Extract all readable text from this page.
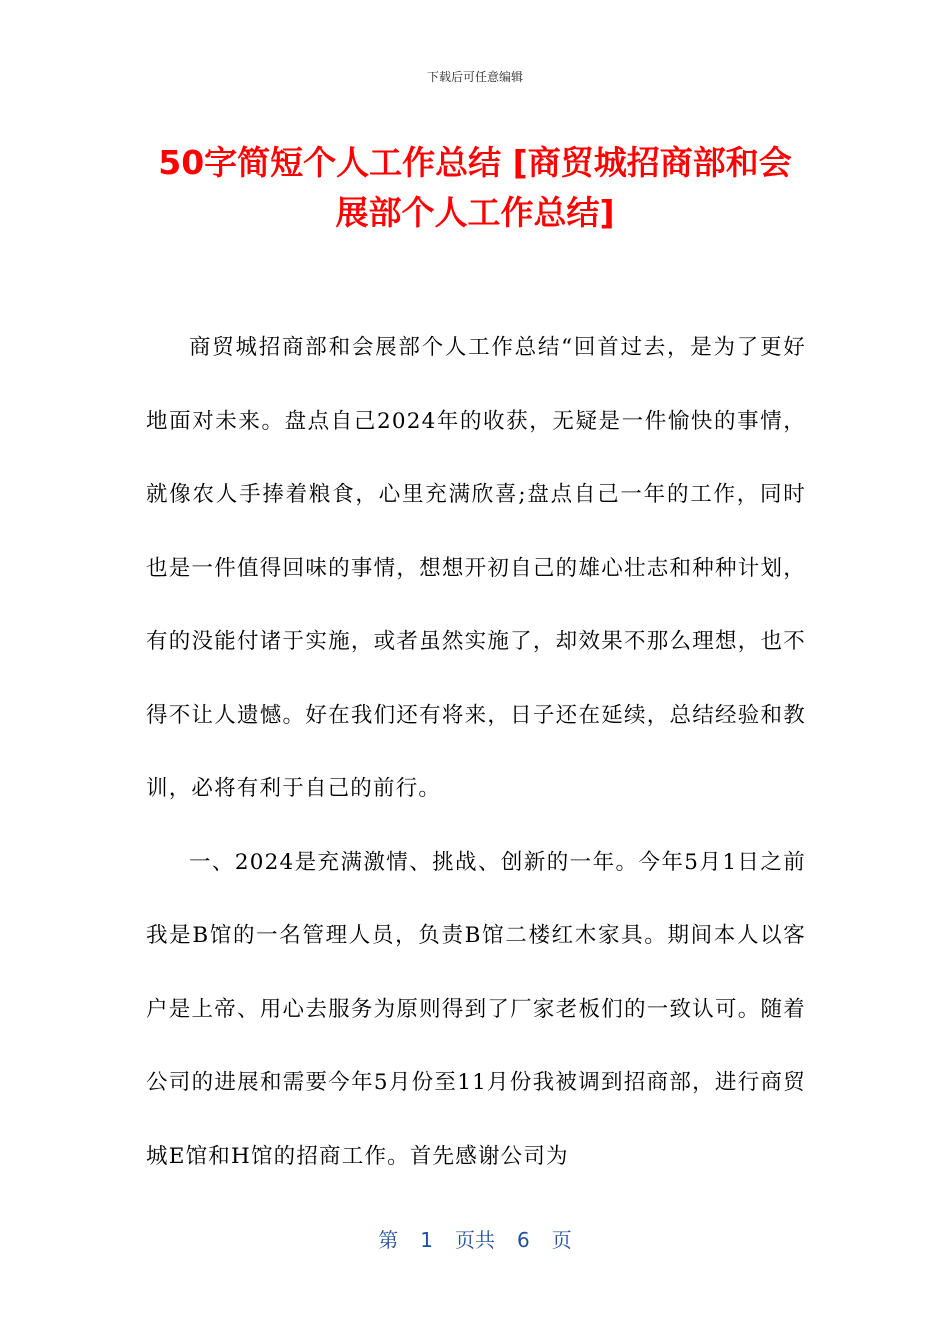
下载后可任意编辑
50字简短个人工作总结 [商贸城招商部和会
展部个人工作总结]

商贸城招商部和会展部个人工作总结“回首过去，是为了更好地面对未来。盘点自己2024年的收获，无疑是一件愉快的事情，就像农人手捧着粮食，心里充满欣喜;盘点自己一年的工作，同时也是一件值得回味的事情，想想开初自己的雄心壮志和种种计划，有的没能付诸于实施，或者虽然实施了，却效果不那么理想，也不得不让人遗憾。好在我们还有将来，日子还在延续，总结经验和教训，必将有利于自己的前行。

一、2024是充满激情、挑战、创新的一年。今年5月1日之前我是B馆的一名管理人员，负责B馆二楼红木家具。期间本人以客户是上帝、用心去服务为原则得到了厂家老板们的一致认可。随着公司的进展和需要今年5月份至11月份我被调到招商部，进行商贸城E馆和H馆的招商工作。首先感谢公司为

第 1 页共 6 页
